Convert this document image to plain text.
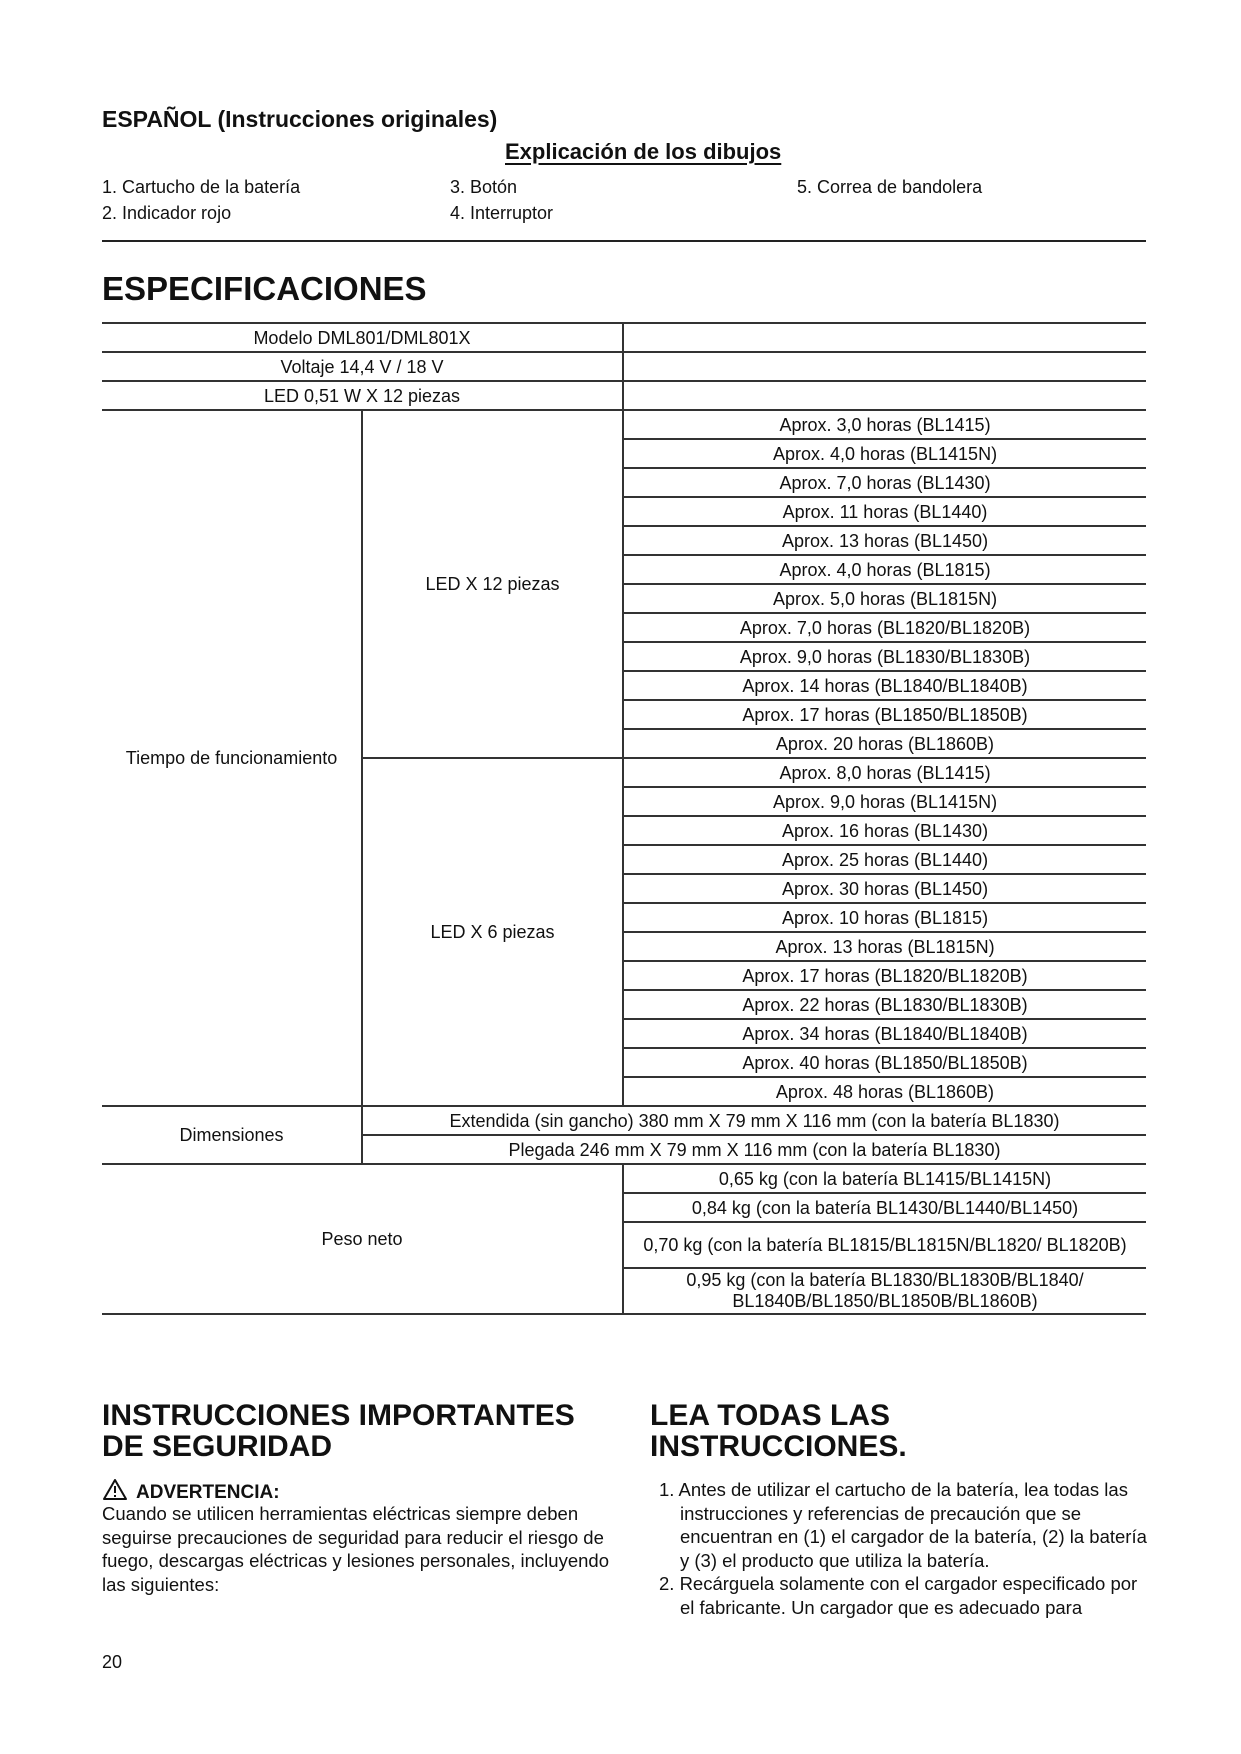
ESPAÑOL (Instrucciones originales)
Explicación de los dibujos
1. Cartucho de la batería
2. Indicador rojo
3. Botón
4. Interruptor
5. Correa de bandolera
ESPECIFICACIONES
Modelo DML801/DML801X		
Voltaje 14,4 V / 18 V		
LED 0,51 W X 12 piezas		
Tiempo de funcionamiento	LED X 12 piezas	Aprox. 3,0 horas (BL1415)
		Aprox. 4,0 horas (BL1415N)
		Aprox. 7,0 horas (BL1430)
		Aprox. 11 horas (BL1440)
		Aprox. 13 horas (BL1450)
		Aprox. 4,0 horas (BL1815)
		Aprox. 5,0 horas (BL1815N)
		Aprox. 7,0 horas (BL1820/BL1820B)
		Aprox. 9,0 horas (BL1830/BL1830B)
		Aprox. 14 horas (BL1840/BL1840B)
		Aprox. 17 horas (BL1850/BL1850B)
		Aprox. 20 horas (BL1860B)
	LED X 6 piezas	Aprox. 8,0 horas (BL1415)
		Aprox. 9,0 horas (BL1415N)
		Aprox. 16 horas (BL1430)
		Aprox. 25 horas (BL1440)
		Aprox. 30 horas (BL1450)
		Aprox. 10 horas (BL1815)
		Aprox. 13 horas (BL1815N)
		Aprox. 17 horas (BL1820/BL1820B)
		Aprox. 22 horas (BL1830/BL1830B)
		Aprox. 34 horas (BL1840/BL1840B)
		Aprox. 40 horas (BL1850/BL1850B)
		Aprox. 48 horas (BL1860B)
Dimensiones	Extendida (sin gancho) 380 mm X 79 mm X 116 mm (con la batería BL1830)	
	Plegada 246 mm X 79 mm X 116 mm (con la batería BL1830)	
Peso neto		0,65 kg (con la batería BL1415/BL1415N)
		0,84 kg (con la batería BL1430/BL1440/BL1450)
		0,70 kg (con la batería BL1815/BL1815N/BL1820/ BL1820B)
		0,95 kg (con la batería BL1830/BL1830B/BL1840/ BL1840B/BL1850/BL1850B/BL1860B)
INSTRUCCIONES IMPORTANTES
DE SEGURIDAD
ADVERTENCIA:

Cuando se utilicen herramientas eléctricas siempre deben seguirse precauciones de seguridad para reducir el riesgo de fuego, descargas eléctricas y lesiones personales, incluyendo las siguientes:

LEA TODAS LAS
INSTRUCCIONES.
1. Antes de utilizar el cartucho de la batería, lea todas las instrucciones y referencias de precaución que se encuentran en (1) el cargador de la batería, (2) la batería y (3) el producto que utiliza la batería.
2. Recárguela solamente con el cargador especificado por el fabricante. Un cargador que es adecuado para
20
